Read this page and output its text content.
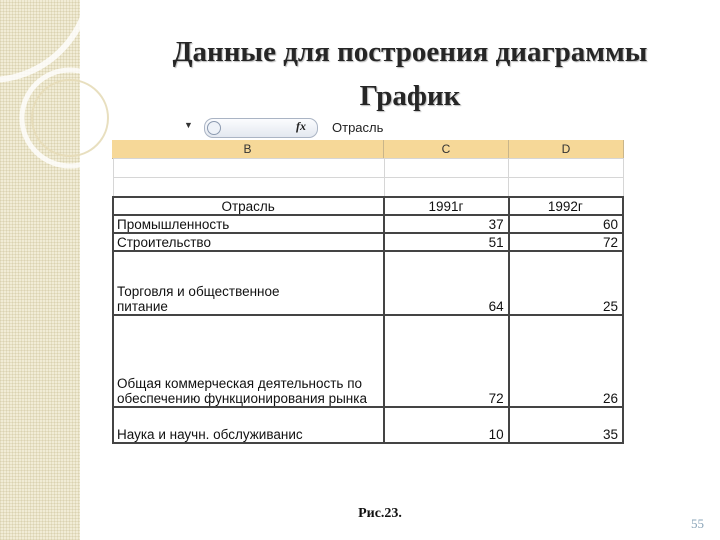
Данные для построения диаграммы
График
▼	fx Отрасль
B	C	D

Отрасль	1991г	1992г
Промышленность	37	60
Строительство	51	72
Торговля и общественное питание	64	25
Общая коммерческая деятельность по обеспечению функционирования рынка	72	26
Наука и научн. обслуживанис	10	35
Рис.23.
55
